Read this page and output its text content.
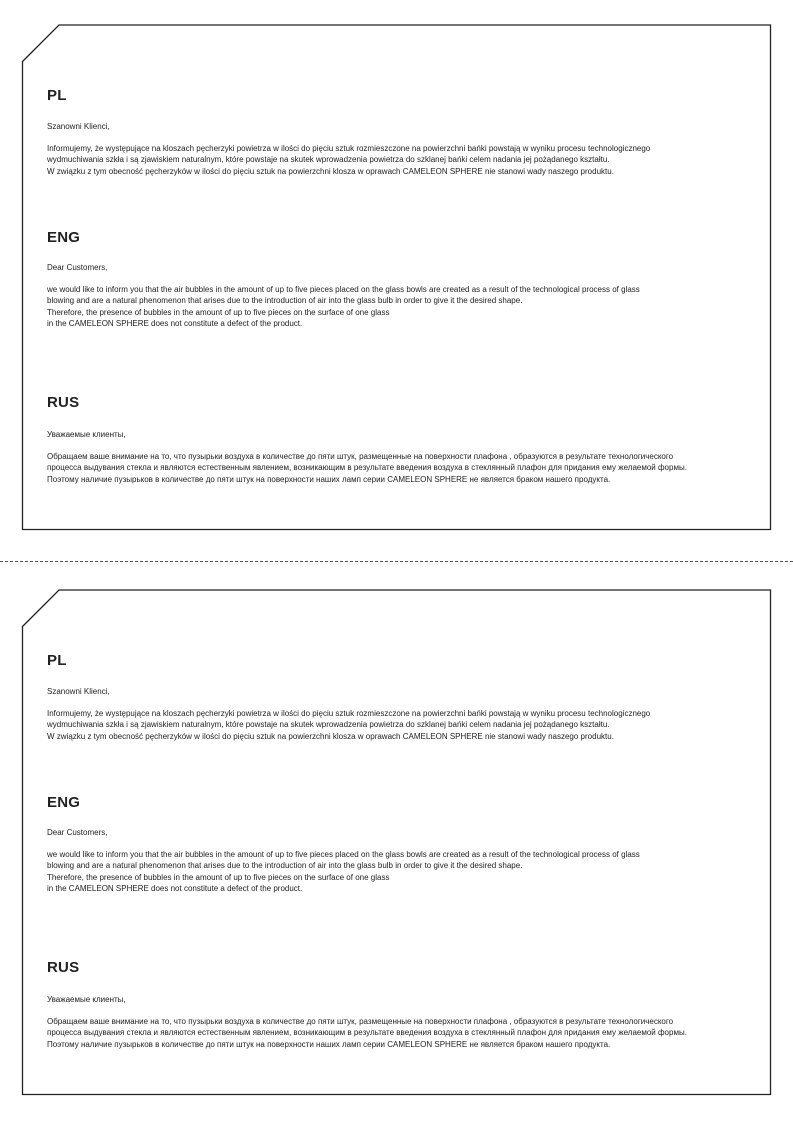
PL
Szanowni Klienci,
Informujemy, że występujące na kloszach pęcherzyki powietrza w ilości do pięciu sztuk rozmieszczone na powierzchni bańki powstają w wyniku procesu technologicznego
wydmuchiwania szkła i są zjawiskiem naturalnym, które powstaje na skutek wprowadzenia powietrza do szklanej bańki celem nadania jej pożądanego kształtu.
W związku z tym obecność pęcherzyków w ilości do pięciu sztuk na powierzchni klosza w oprawach CAMELEON SPHERE nie stanowi wady naszego produktu.
ENG
Dear Customers,
we would like to inform you that the air bubbles in the amount of up to five pieces placed on the glass bowls are created as a result of the technological process of glass
blowing and are a natural phenomenon that arises due to the introduction of air into the glass bulb in order to give it the desired shape.
Therefore, the presence of bubbles in the amount of up to five pieces on the surface of one glass
in the CAMELEON SPHERE does not constitute a defect of the product.
RUS
Уважаемые клиенты,
Обращаем ваше внимание на то, что пузырьки воздуха в количестве до пяти штук, размещенные на поверхности плафона , образуются в результате технологического
процесса выдувания стекла и являются естественным явлением, возникающим в результате введения воздуха в стеклянный плафон для придания ему желаемой формы.
Поэтому наличие пузырьков в количестве до пяти штук на поверхности наших ламп серии CAMELEON SPHERE не является браком нашего продукта.
PL
Szanowni Klienci,
Informujemy, że występujące na kloszach pęcherzyki powietrza w ilości do pięciu sztuk rozmieszczone na powierzchni bańki powstają w wyniku procesu technologicznego
wydmuchiwania szkła i są zjawiskiem naturalnym, które powstaje na skutek wprowadzenia powietrza do szklanej bańki celem nadania jej pożądanego kształtu.
W związku z tym obecność pęcherzyków w ilości do pięciu sztuk na powierzchni klosza w oprawach CAMELEON SPHERE nie stanowi wady naszego produktu.
ENG
Dear Customers,
we would like to inform you that the air bubbles in the amount of up to five pieces placed on the glass bowls are created as a result of the technological process of glass
blowing and are a natural phenomenon that arises due to the introduction of air into the glass bulb in order to give it the desired shape.
Therefore, the presence of bubbles in the amount of up to five pieces on the surface of one glass
in the CAMELEON SPHERE does not constitute a defect of the product.
RUS
Уважаемые клиенты,
Обращаем ваше внимание на то, что пузырьки воздуха в количестве до пяти штук, размещенные на поверхности плафона , образуются в результате технологического
процесса выдувания стекла и являются естественным явлением, возникающим в результате введения воздуха в стеклянный плафон для придания ему желаемой формы.
Поэтому наличие пузырьков в количестве до пяти штук на поверхности наших ламп серии CAMELEON SPHERE не является браком нашего продукта.
